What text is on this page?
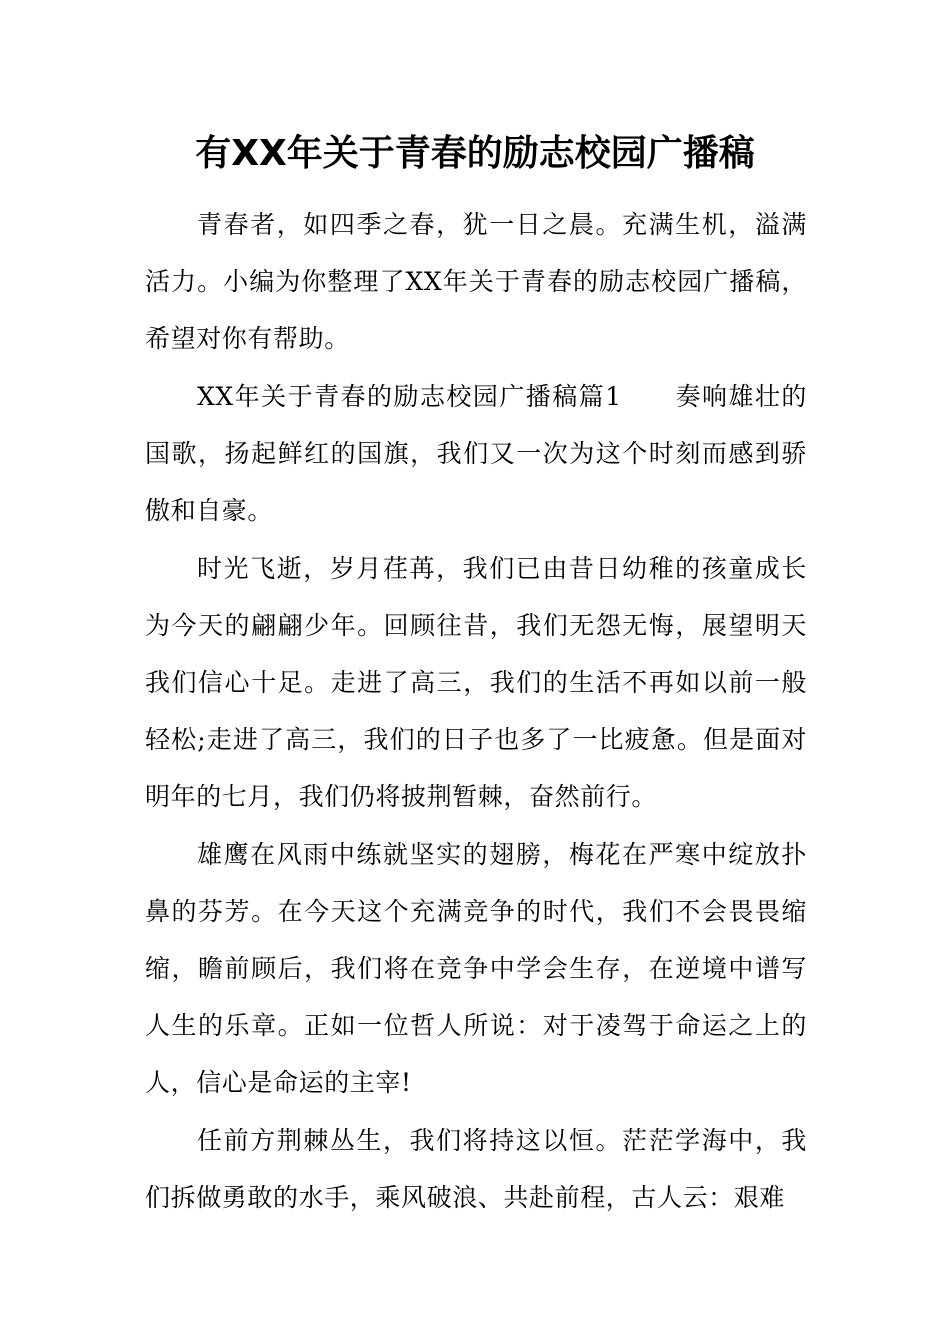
有XX年关于青春的励志校园广播稿

青春者，如四季之春，犹一日之晨。充满生机，溢满活力。小编为你整理了XX年关于青春的励志校园广播稿，希望对你有帮助。

XX年关于青春的励志校园广播稿篇1　　奏响雄壮的国歌，扬起鲜红的国旗，我们又一次为这个时刻而感到骄傲和自豪。

时光飞逝，岁月荏苒，我们已由昔日幼稚的孩童成长为今天的翩翩少年。回顾往昔，我们无怨无悔，展望明天我们信心十足。走进了高三，我们的生活不再如以前一般轻松;走进了高三，我们的日子也多了一比疲惫。但是面对明年的七月，我们仍将披荆暂棘，奋然前行。

雄鹰在风雨中练就坚实的翅膀，梅花在严寒中绽放扑鼻的芬芳。在今天这个充满竞争的时代，我们不会畏畏缩缩，瞻前顾后，我们将在竞争中学会生存，在逆境中谱写人生的乐章。正如一位哲人所说：对于凌驾于命运之上的人，信心是命运的主宰!

任前方荆棘丛生，我们将持这以恒。茫茫学海中，我们拆做勇敢的水手，乘风破浪、共赴前程，古人云：艰难
